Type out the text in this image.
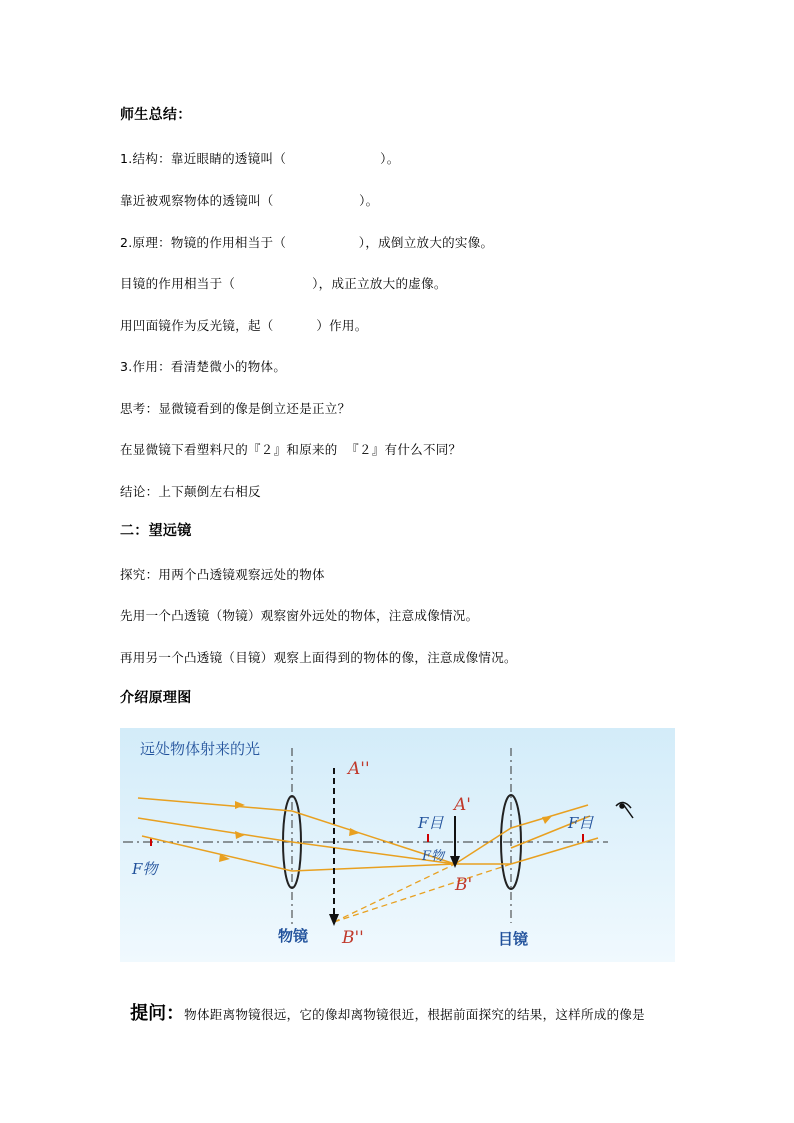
师生总结：
1.结构：靠近眼睛的透镜叫（                      ）。
靠近被观察物体的透镜叫（                    ）。
2.原理：物镜的作用相当于（                 ），成倒立放大的实像。
目镜的作用相当于（                  ），成正立放大的虚像。
用凹面镜作为反光镜，起（          ）作用。
3.作用：看清楚微小的物体。
思考：显微镜看到的像是倒立还是正立？
在显微镜下看塑料尺的『２』和原来的  『２』有什么不同？
结论：上下颠倒左右相反
二：望远镜
探究：用两个凸透镜观察远处的物体
先用一个凸透镜（物镜）观察窗外远处的物体，注意成像情况。
再用另一个凸透镜（目镜）观察上面得到的物体的像，注意成像情况。
介绍原理图
远处物体射来的光
A''
A'
F目	F目
F物
F物
B'
B''
物镜	目镜

提问：物体距离物镜很远，它的像却离物镜很近，根据前面探究的结果，这样所成的像是
